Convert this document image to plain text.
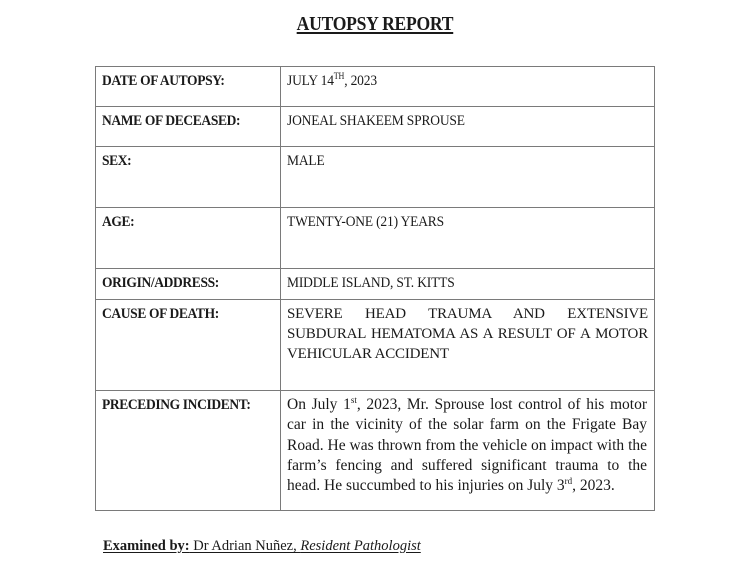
AUTOPSY REPORT
DATE OF AUTOPSY:	JULY 14TH, 2023
NAME OF DECEASED:	JONEAL SHAKEEM SPROUSE
SEX:	MALE
AGE:	TWENTY-ONE (21) YEARS
ORIGIN/ADDRESS:	MIDDLE ISLAND, ST. KITTS
CAUSE OF DEATH:	SEVERE HEAD TRAUMA AND EXTENSIVE SUBDURAL HEMATOMA AS A RESULT OF A MOTOR VEHICULAR ACCIDENT
PRECEDING INCIDENT:	On July 1st, 2023, Mr. Sprouse lost control of his motor car in the vicinity of the solar farm on the Frigate Bay Road. He was thrown from the vehicle on impact with the farm’s fencing and suffered significant trauma to the head. He succumbed to his injuries on July 3rd, 2023.
Examined by: Dr Adrian Nuñez, Resident Pathologist
